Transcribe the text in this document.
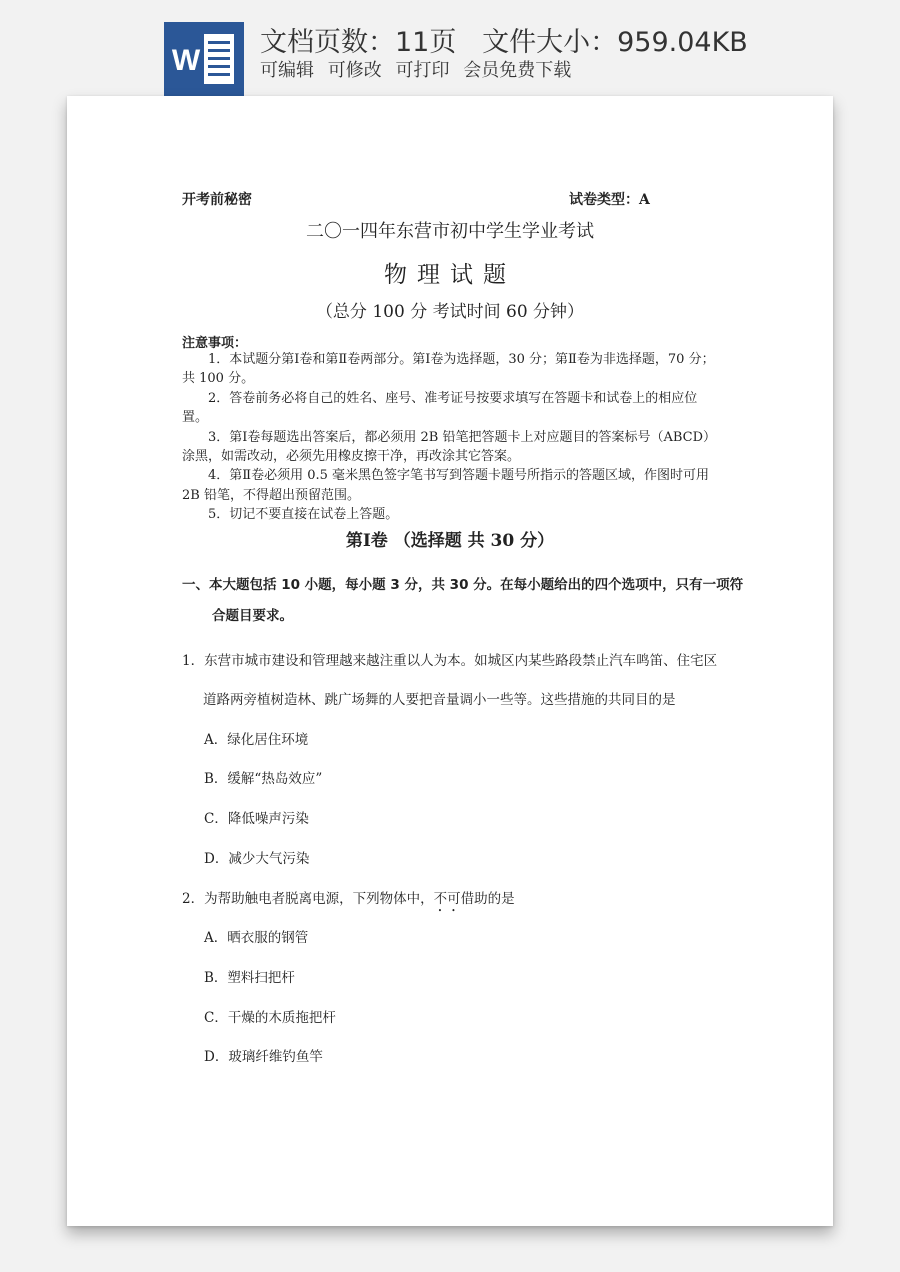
W
文档页数：11页   文件大小：959.04KB
可编辑 可修改 可打印 会员免费下载
开考前秘密	试卷类型：A
二〇一四年东营市初中学生学业考试
物理试题
（总分 100 分 考试时间 60 分钟）
注意事项：

1．本试题分第Ⅰ卷和第Ⅱ卷两部分。第Ⅰ卷为选择题，30 分；第Ⅱ卷为非选择题，70 分；共 100 分。

2．答卷前务必将自己的姓名、座号、准考证号按要求填写在答题卡和试卷上的相应位置。

3．第Ⅰ卷每题选出答案后，都必须用 2B 铅笔把答题卡上对应题目的答案标号（ABCD）涂黑，如需改动，必须先用橡皮擦干净，再改涂其它答案。

4．第Ⅱ卷必须用 0.5 毫米黑色签字笔书写到答题卡题号所指示的答题区域，作图时可用 2B 铅笔，不得超出预留范围。

5．切记不要直接在试卷上答题。

第Ⅰ卷 （选择题 共 30 分）
一、本大题包括 10 小题，每小题 3 分，共 30 分。在每小题给出的四个选项中，只有一项符
合题目要求。
1．东营市城市建设和管理越来越注重以人为本。如城区内某些路段禁止汽车鸣笛、住宅区
道路两旁植树造林、跳广场舞的人要把音量调小一些等。这些措施的共同目的是
A．绿化居住环境
B．缓解“热岛效应”
C．降低噪声污染
D．减少大气污染
2．为帮助触电者脱离电源，下列物体中，不可借助的是
A．晒衣服的钢管
B．塑料扫把杆
C．干燥的木质拖把杆
D．玻璃纤维钓鱼竿
